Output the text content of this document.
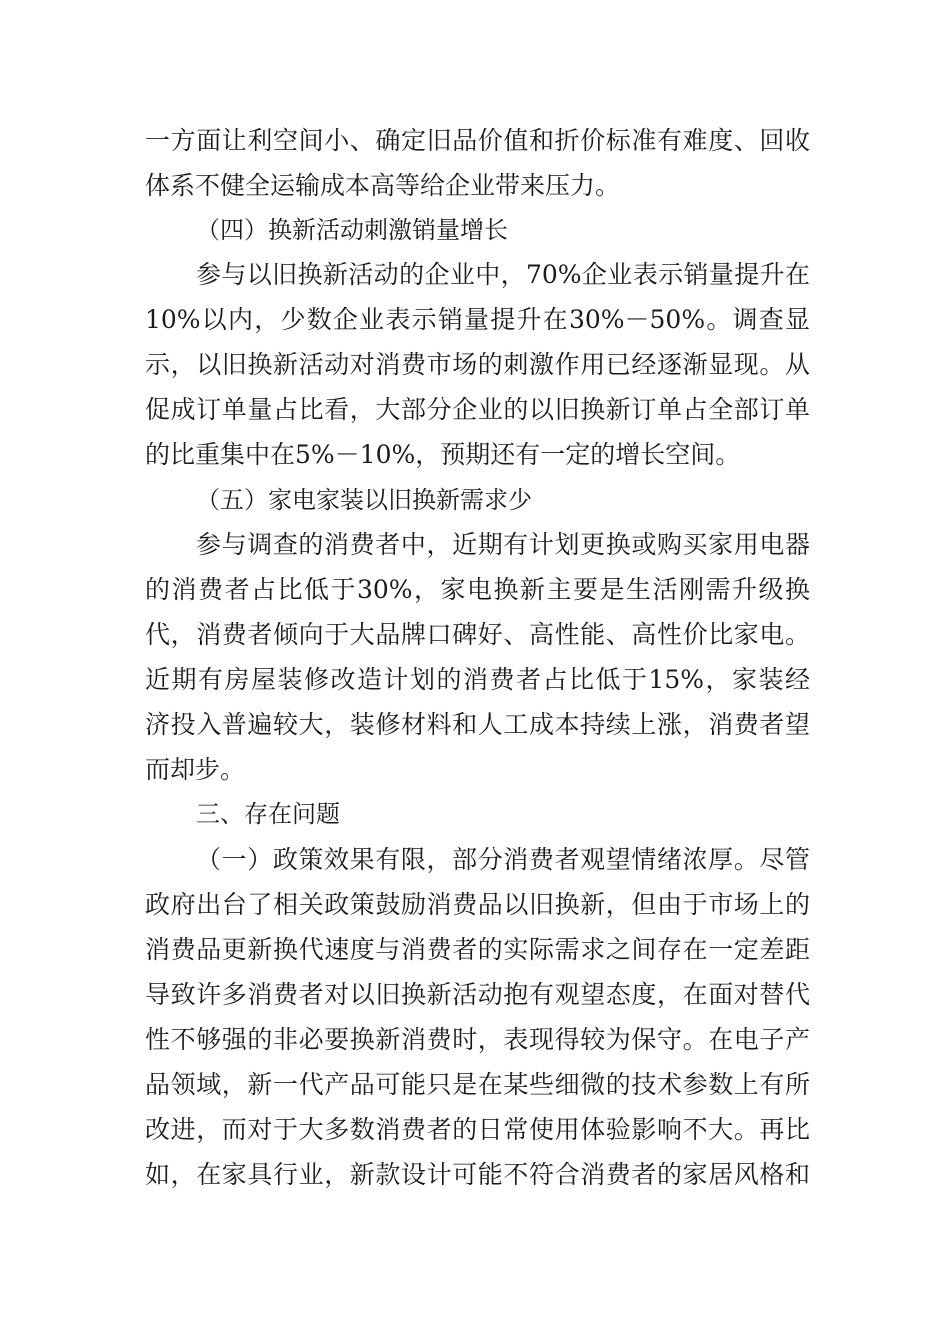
一方面让利空间小、确定旧品价值和折价标准有难度、回收
体系不健全运输成本高等给企业带来压力。
（四）换新活动刺激销量增长
参与以旧换新活动的企业中，70%企业表示销量提升在
10%以内，少数企业表示销量提升在30%－50%。调查显
示，以旧换新活动对消费市场的刺激作用已经逐渐显现。从
促成订单量占比看，大部分企业的以旧换新订单占全部订单
的比重集中在5%－10%，预期还有一定的增长空间。
（五）家电家装以旧换新需求少
参与调查的消费者中，近期有计划更换或购买家用电器
的消费者占比低于30%，家电换新主要是生活刚需升级换
代，消费者倾向于大品牌口碑好、高性能、高性价比家电。
近期有房屋装修改造计划的消费者占比低于15%，家装经
济投入普遍较大，装修材料和人工成本持续上涨，消费者望
而却步。
三、存在问题
（一）政策效果有限，部分消费者观望情绪浓厚。尽管
政府出台了相关政策鼓励消费品以旧换新，但由于市场上的
消费品更新换代速度与消费者的实际需求之间存在一定差距
导致许多消费者对以旧换新活动抱有观望态度，在面对替代
性不够强的非必要换新消费时，表现得较为保守。在电子产
品领域，新一代产品可能只是在某些细微的技术参数上有所
改进，而对于大多数消费者的日常使用体验影响不大。再比
如，在家具行业，新款设计可能不符合消费者的家居风格和
